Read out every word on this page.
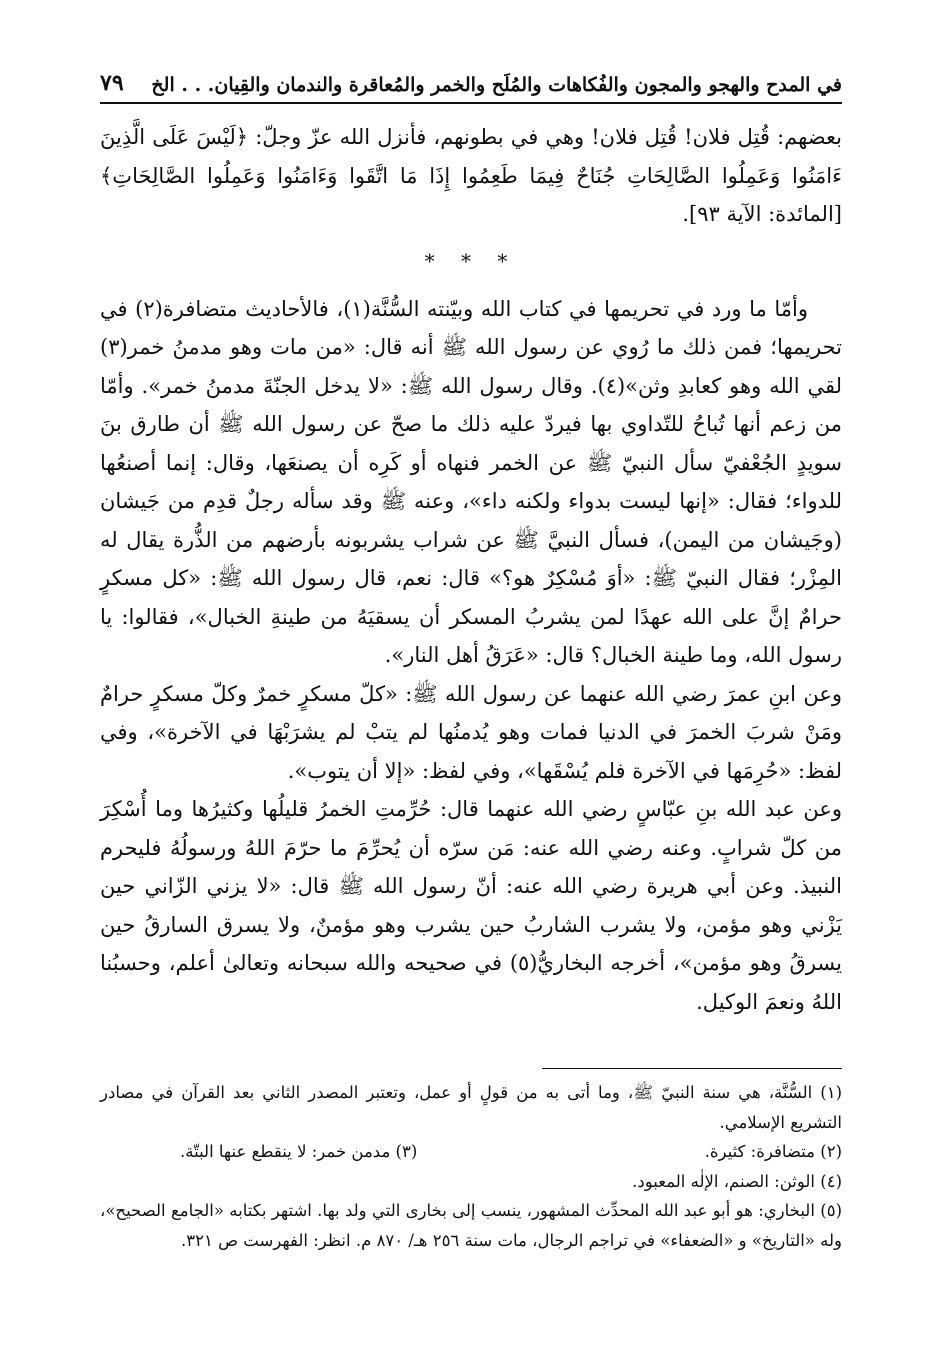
في المدح والهجو والمجون والفُكاهات والمُلَح والخمر والمُعاقرة والندمان والقِيان. . . الخ
٧٩

بعضهم: قُتِل فلان! قُتِل فلان! وهي في بطونهم، فأنزل الله عزّ وجلّ: ﴿لَيْسَ عَلَى الَّذِينَ ءَامَنُوا وَعَمِلُوا الصَّالِحَاتِ جُنَاحٌ فِيمَا طَعِمُوا إِذَا مَا اتَّقَوا وَءَامَنُوا وَعَمِلُوا الصَّالِحَاتِ﴾ [المائدة: الآية ٩٣].

* * *

وأمّا ما ورد في تحريمها في كتاب الله وبيّنته السُّنَّة(١)، فالأحاديث متضافرة(٢) في تحريمها؛ فمن ذلك ما رُوي عن رسول الله ﷺ أنه قال: «من مات وهو مدمنُ خمر(٣) لقي الله وهو كعابدِ وثن»(٤). وقال رسول الله ﷺ: «لا يدخل الجنّةَ مدمنُ خمر». وأمّا من زعم أنها تُباحُ للتّداوي بها فيردّ عليه ذلك ما صحّ عن رسول الله ﷺ أن طارق بنَ سويدٍ الجُعْفيّ سأل النبيّ ﷺ عن الخمر فنهاه أو كَرِه أن يصنعَها، وقال: إنما أصنعُها للدواء؛ فقال: «إنها ليست بدواء ولكنه داء»، وعنه ﷺ وقد سأله رجلٌ قدِم من جَيشان (وجَيشان من اليمن)، فسأل النبيَّ ﷺ عن شراب يشربونه بأرضهم من الذُّرة يقال له المِزْر؛ فقال النبيّ ﷺ: «أوَ مُسْكِرٌ هو؟» قال: نعم، قال رسول الله ﷺ: «كل مسكرٍ حرامٌ إنَّ على الله عهدًا لمن يشربُ المسكر أن يسقيَهُ من طينةِ الخبال»، فقالوا: يا رسول الله، وما طينة الخبال؟ قال: «عَرَقُ أهل النار».

وعن ابنِ عمرَ رضي الله عنهما عن رسول الله ﷺ: «كلّ مسكرٍ خمرٌ وكلّ مسكرٍ حرامٌ ومَنْ شربَ الخمرَ في الدنيا فمات وهو يُدمنُها لم يتبْ لم يشرَبْهَا في الآخرة»، وفي لفظ: «حُرِمَها في الآخرة فلم يُسْقَها»، وفي لفظ: «إلا أن يتوب».

وعن عبد الله بنِ عبّاسٍ رضي الله عنهما قال: حُرِّمتِ الخمرُ قليلُها وكثيرُها وما أُسْكِرَ من كلّ شرابٍ. وعنه رضي الله عنه: مَن سرّه أن يُحرِّمَ ما حرّمَ اللهُ ورسولُهُ فليحرم النبيذ. وعن أبي هريرة رضي الله عنه: أنّ رسول الله ﷺ قال: «لا يزني الزّاني حين يَزْني وهو مؤمن، ولا يشرب الشاربُ حين يشرب وهو مؤمنٌ، ولا يسرق السارقُ حين يسرقُ وهو مؤمن»، أخرجه البخاريُّ(٥) في صحيحه والله سبحانه وتعالىٰ أعلم، وحسبُنا اللهُ ونعمَ الوكيل.

(١) السُّنَّة، هي سنة النبيّ ﷺ، وما أتى به من قولٍ أو عمل، وتعتبر المصدر الثاني بعد القرآن في مصادر التشريع الإسلامي.

(٢) متضافرة: كثيرة.
(٣) مدمن خمر: لا ينقطع عنها البتّة.

(٤) الوثن: الصنم، الإلٰه المعبود.

(٥) البخاري: هو أبو عبد الله المحدِّث المشهور، ينسب إلى بخارى التي ولد بها. اشتهر بكتابه «الجامع الصحيح»، وله «التاريخ» و «الضعفاء» في تراجم الرجال، مات سنة ٢٥٦ هـ/ ٨٧٠ م. انظر: الفهرست ص ٣٢١.
